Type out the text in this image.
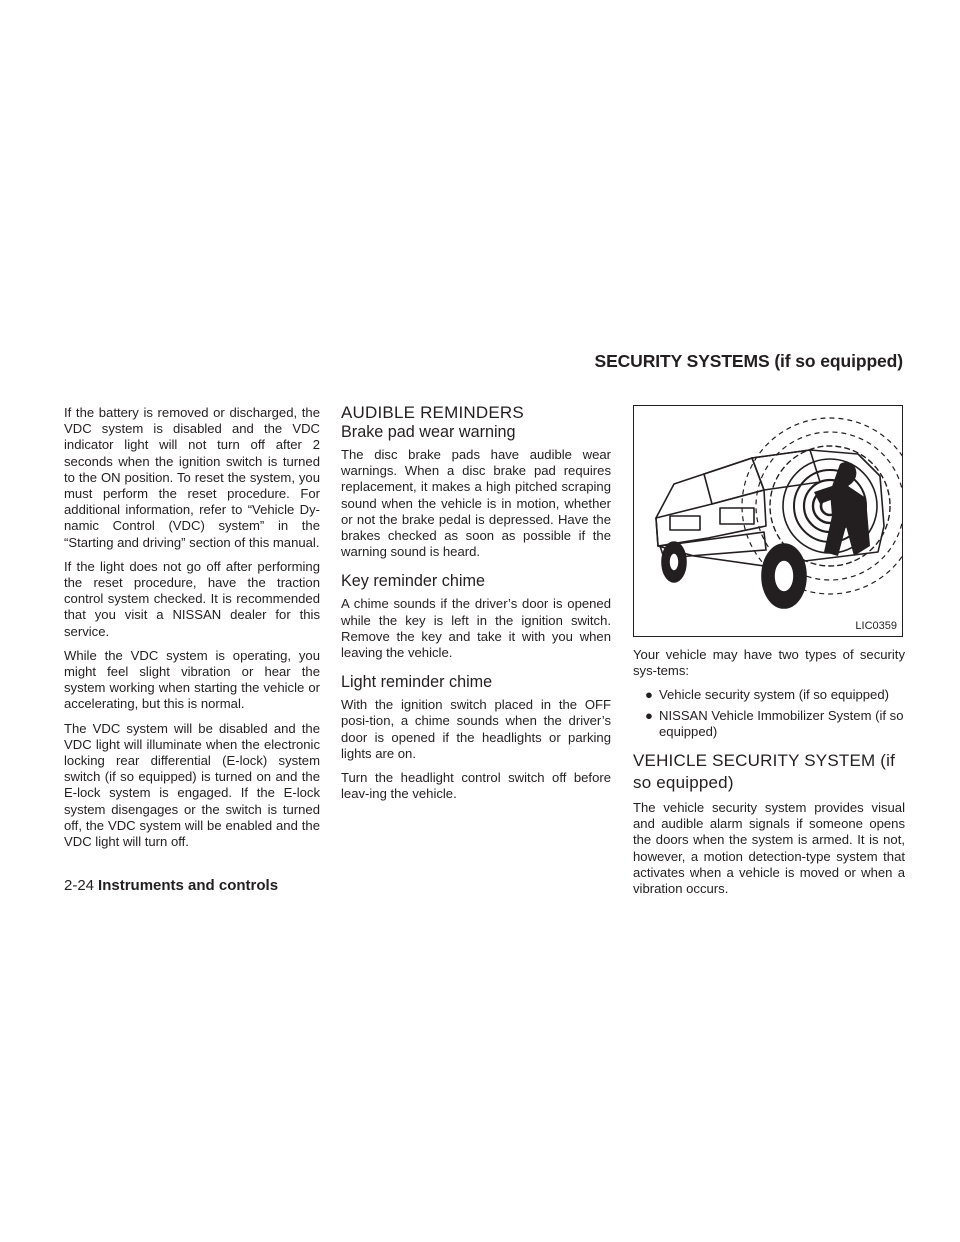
SECURITY SYSTEMS (if so equipped)

If the battery is removed or discharged, the VDC system is disabled and the VDC indicator light will not turn off after 2 seconds when the ignition switch is turned to the ON position. To reset the system, you must perform the reset procedure. For additional information, refer to “Vehicle Dy-namic Control (VDC) system” in the “Starting and driving” section of this manual.

If the light does not go off after performing the reset procedure, have the traction control system checked. It is recommended that you visit a NISSAN dealer for this service.

While the VDC system is operating, you might feel slight vibration or hear the system working when starting the vehicle or accelerating, but this is normal.

The VDC system will be disabled and the VDC light will illuminate when the electronic locking rear differential (E-lock) system switch (if so equipped) is turned on and the E-lock system is engaged. If the E-lock system disengages or the switch is turned off, the VDC system will be enabled and the VDC light will turn off.

AUDIBLE REMINDERS
Brake pad wear warning

The disc brake pads have audible wear warnings. When a disc brake pad requires replacement, it makes a high pitched scraping sound when the vehicle is in motion, whether or not the brake pedal is depressed. Have the brakes checked as soon as possible if the warning sound is heard.

Key reminder chime

A chime sounds if the driver’s door is opened while the key is left in the ignition switch. Remove the key and take it with you when leaving the vehicle.

Light reminder chime

With the ignition switch placed in the OFF posi-tion, a chime sounds when the driver’s door is opened if the headlights or parking lights are on.

Turn the headlight control switch off before leav-ing the vehicle.

LIC0359

Your vehicle may have two types of security sys-tems:

● Vehicle security system (if so equipped)
● NISSAN Vehicle Immobilizer System (if so equipped)
VEHICLE SECURITY SYSTEM (if so equipped)

The vehicle security system provides visual and audible alarm signals if someone opens the doors when the system is armed. It is not, however, a motion detection-type system that activates when a vehicle is moved or when a vibration occurs.

2-24 Instruments and controls
